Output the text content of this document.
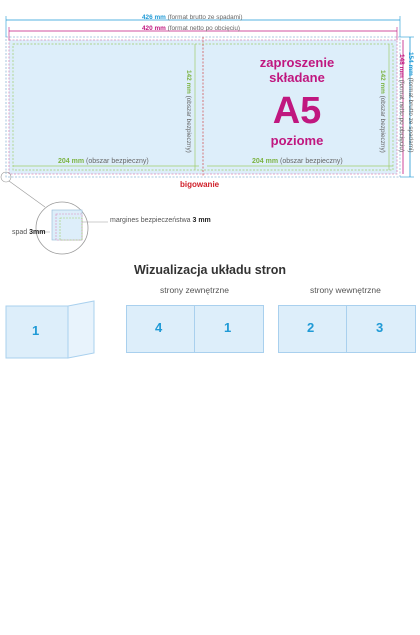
426 mm (format brutto ze spadami)
420 mm (format netto po obcięciu)
154 mm (format brutto ze spadami)
148 mm (format netto po obcięciu)
142 mm (obszar bezpieczny)
142 mm (obszar bezpieczny)
204 mm (obszar bezpieczny)	204 mm (obszar bezpieczny)
zaproszenie
składane
A5
poziome
bigowanie
margines bezpieczeństwa 3 mm
spad 3mm
Wizualizacja układu stron
strony zewnętrzne	strony wewnętrzne
1	4	1	2	3
